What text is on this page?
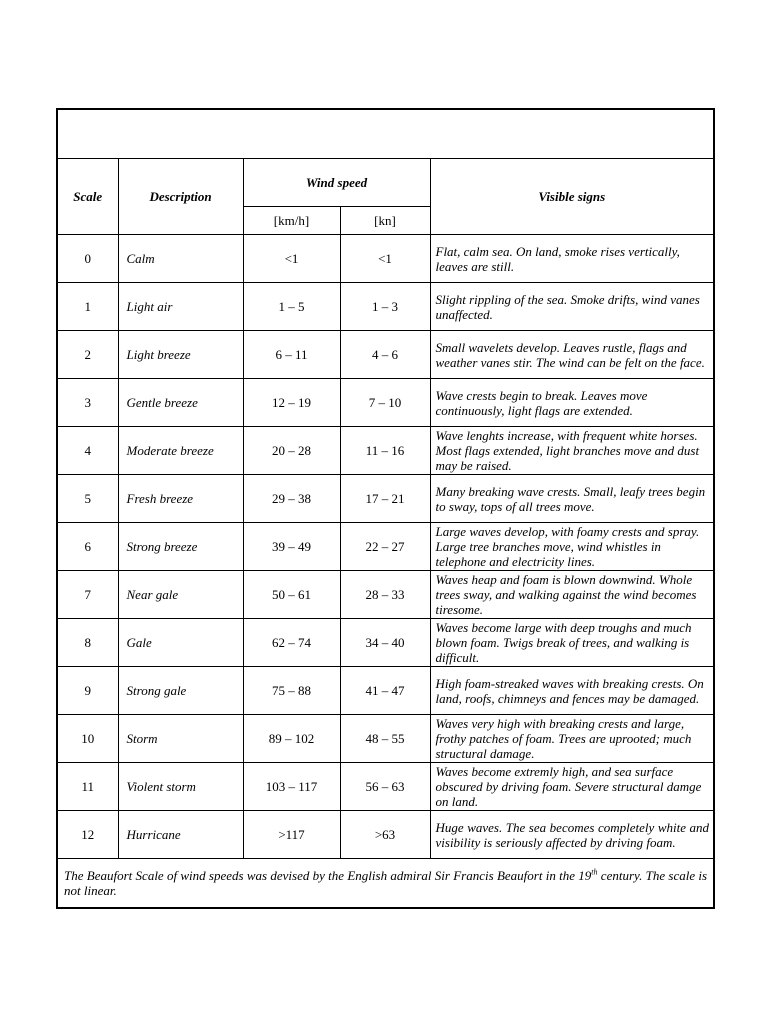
Scale	Description	Wind speed		Visible signs
		[km/h]	[kn]	
0	Calm	<1	<1	Flat, calm sea. On land, smoke rises vertically, leaves are still.
1	Light air	1 – 5	1 – 3	Slight rippling of the sea. Smoke drifts, wind vanes unaffected.
2	Light breeze	6 – 11	4 – 6	Small wavelets develop. Leaves rustle, flags and weather vanes stir. The wind can be felt on the face.
3	Gentle breeze	12 – 19	7 – 10	Wave crests begin to break. Leaves move continuously, light flags are extended.
4	Moderate breeze	20 – 28	11 – 16	Wave lenghts increase, with frequent white horses. Most flags extended, light branches move and dust may be raised.
5	Fresh breeze	29 – 38	17 – 21	Many breaking wave crests. Small, leafy trees begin to sway, tops of all trees move.
6	Strong breeze	39 – 49	22 – 27	Large waves develop, with foamy crests and spray. Large tree branches move, wind whistles in telephone and electricity lines.
7	Near gale	50 – 61	28 – 33	Waves heap and foam is blown downwind. Whole trees sway, and walking against the wind becomes tiresome.
8	Gale	62 – 74	34 – 40	Waves become large with deep troughs and much blown foam. Twigs break of trees, and walking is difficult.
9	Strong gale	75 – 88	41 – 47	High foam-streaked waves with breaking crests. On land, roofs, chimneys and fences may be damaged.
10	Storm	89 – 102	48 – 55	Waves very high with breaking crests and large, frothy patches of foam. Trees are uprooted; much structural damage.
11	Violent storm	103 – 117	56 – 63	Waves become extremly high, and sea surface obscured by driving foam. Severe structural damge on land.
12	Hurricane	>117	>63	Huge waves. The sea becomes completely white and visibility is seriously affected by driving foam.
The Beaufort Scale of wind speeds was devised by the English admiral Sir Francis Beaufort in the 19th century. The scale is not linear.				
